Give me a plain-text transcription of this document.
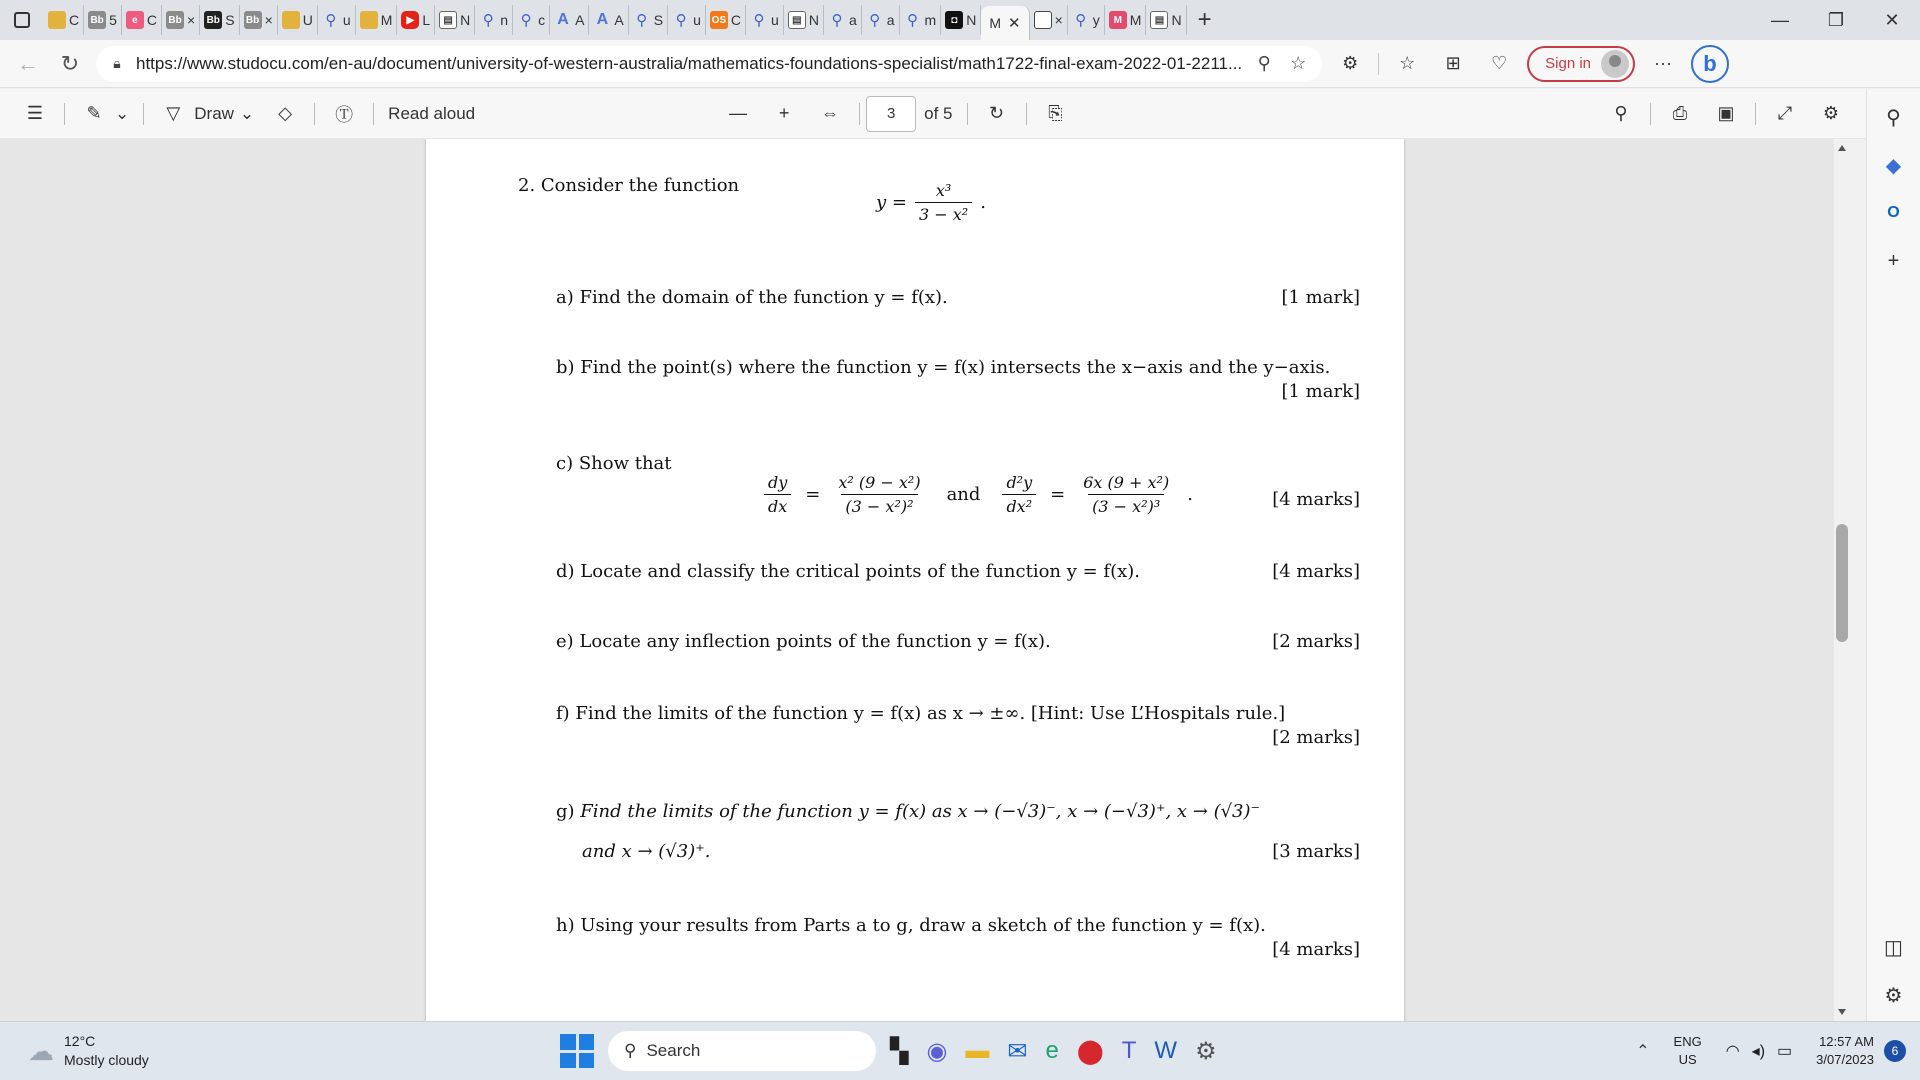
C Bb 5	e C Bb × Bb S Bb × U ⚲ u M	▶ L	▤ N ⚲ n ⚲ c A A A A ⚲ S ⚲ u OS C ⚲ u	▤ N ⚲ a ⚲ a ⚲ m	◘ N M ✕ × ⚲ y	M M	▤ N +	—	❐	✕
← ↻	🔒︎ https://www.studocu.com/en-au/document/university-of-western-australia/mathematics-foundations-specialist/math1722-final-exam-2022-01-2211... ⚲	☆	⚙	☆	⊞	♡	Sign in	···	b
☰	✎ ⌄	▽ Draw ⌄	◇	Ⓣ	Read aloud	—	+	⇔	3	of 5	↻	⎘	⚲	⎙	▣	⤢	⚙	⚲
◆
O
+
◫
⚙
2. Consider the function
$y = \frac{\text{x³}}{\text{3 − x²}}$ .
a) Find the domain of the function y = f(x).	[1 mark]
b) Find the point(s) where the function y = f(x) intersects the x−axis and the y−axis.
[1 mark]
c) Show that
$\frac{dy}{dx} = \frac{\text{x² (9 − x²)}}{\text{(3 − x²)²}}$	and	$\frac{\text{d²y}}{\text{dx²}} = \frac{\text{6x (9 + x²)}}{\text{(3 − x²)³}}$ .	[4 marks]
d) Locate and classify the critical points of the function y = f(x).	[4 marks]
e) Locate any inflection points of the function y = f(x).	[2 marks]
f) Find the limits of the function y = f(x) as x → ±∞. [Hint: Use L’Hospitals rule.]
[2 marks]
g) Find the limits of the function y = f(x) as x → (−√3)⁻, x → (−√3)⁺, x → (√3)⁻
and x → (√3)⁺.	[3 marks]
h) Using your results from Parts a to g, draw a sketch of the function y = f(x).
[4 marks]
☁ 12°C
Mostly cloudy	⚲ Search	▚ ◉ ▬ ✉ e ⬤ T W ⚙	⌃
ENG
US ◠ ◂) ▭
12:57 AM
3/07/2023
6
